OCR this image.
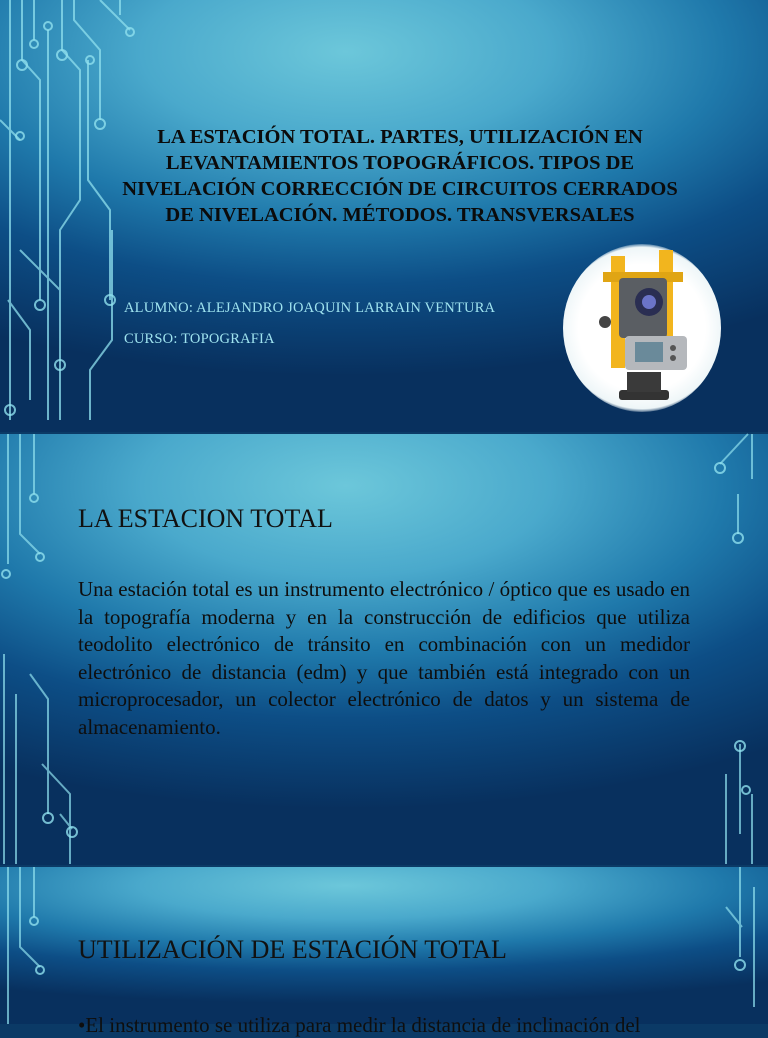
LA ESTACIÓN TOTAL. PARTES, UTILIZACIÓN EN LEVANTAMIENTOS TOPOGRÁFICOS. TIPOS DE NIVELACIÓN CORRECCIÓN DE CIRCUITOS CERRADOS DE NIVELACIÓN. MÉTODOS. TRANSVERSALES

ALUMNO: ALEJANDRO JOAQUIN LARRAIN VENTURA

CURSO: TOPOGRAFIA

LA ESTACION TOTAL

Una estación total es un instrumento electrónico / óptico que es usado en la topografía moderna y en la construcción de edificios que utiliza teodolito electrónico de tránsito en combinación con un medidor electrónico de distancia (edm) y que también está integrado con un microprocesador, un colector electrónico de datos y un sistema de almacenamiento.

UTILIZACIÓN DE ESTACIÓN TOTAL

•El instrumento se utiliza para medir la distancia de inclinación del
